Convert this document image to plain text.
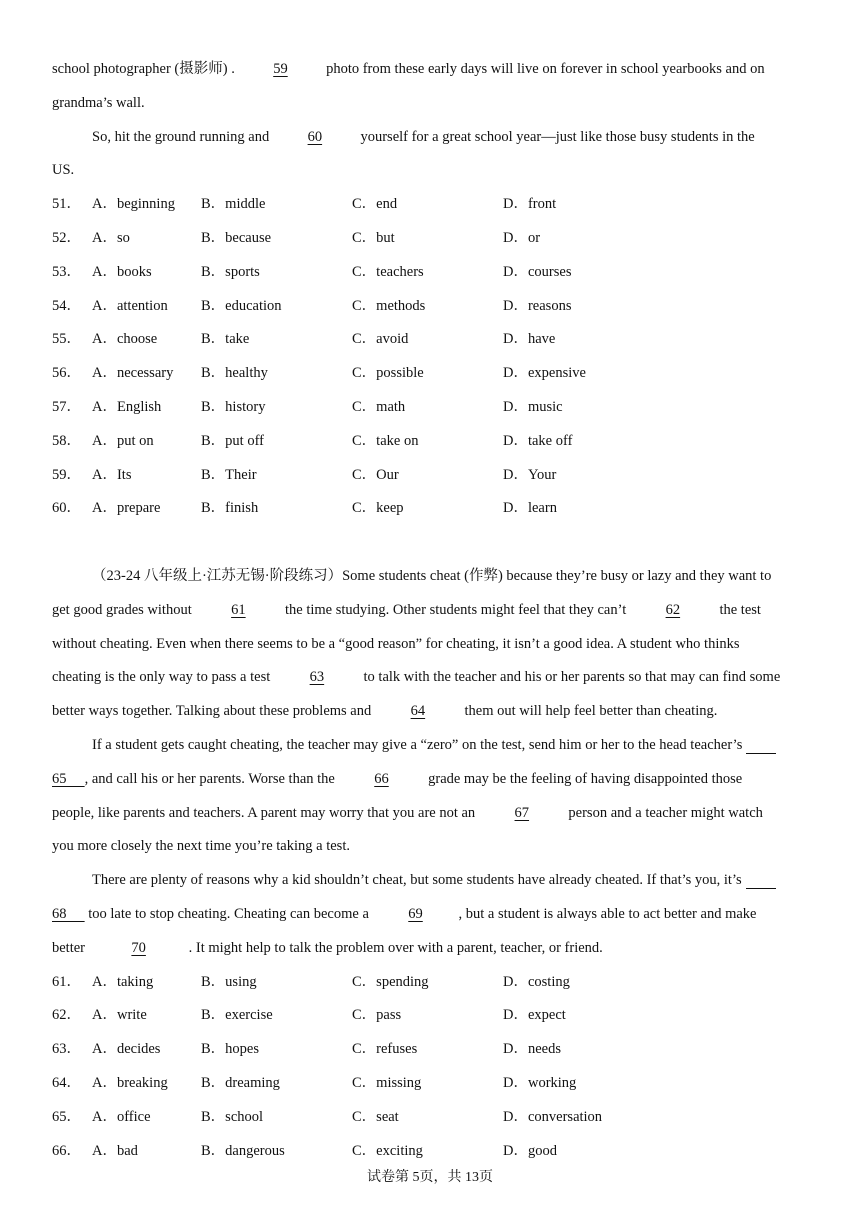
school photographer (摄影师) .	59	photo from these early days will live on forever in school yearbooks and on
grandma’s wall.
So, hit the ground running and	60	yourself for a great school year—just like those busy students in the
US.
51． A．beginning	B．middle	C．end	D．front
52． A．so	B．because	C．but	D．or
53． A．books	B．sports	C．teachers	D．courses
54． A．attention	B．education	C．methods	D．reasons
55． A．choose	B．take	C．avoid	D．have
56． A．necessary	B．healthy	C．possible	D．expensive
57． A．English	B．history	C．math	D．music
58． A．put on	B．put off	C．take on	D．take off
59． A．Its	B．Their	C．Our	D．Your
60． A．prepare	B．finish	C．keep	D．learn
（23-24 八年级上·江苏无锡·阶段练习）Some students cheat (作弊) because they’re busy or lazy and they want to
get good grades without	61	the time studying. Other students might feel that they can’t	62	the test
without cheating. Even when there seems to be a “good reason” for cheating, it isn’t a good idea. A student who thinks
cheating is the only way to pass a test	63	to talk with the teacher and his or her parents so that may can find some
better ways together. Talking about these problems and	64	them out will help feel better than cheating.
If a student gets caught cheating, the teacher may give a “zero” on the test, send him or her to the head teacher’s
65 , and call his or her parents. Worse than the	66	grade may be the feeling of having disappointed those
people, like parents and teachers. A parent may worry that you are not an	67	person and a teacher might watch
you more closely the next time you’re taking a test.
There are plenty of reasons why a kid shouldn’t cheat, but some students have already cheated. If that’s you, it’s
68 too late to stop cheating. Cheating can become a	69 , but a student is always able to act better and make
better	70	. It might help to talk the problem over with a parent, teacher, or friend.
61． A．taking	B．using	C．spending	D．costing
62． A．write	B．exercise	C．pass	D．expect
63． A．decides	B．hopes	C．refuses	D．needs
64． A．breaking	B．dreaming	C．missing	D．working
65． A．office	B．school	C．seat	D．conversation
66． A．bad	B．dangerous	C．exciting	D．good
试卷第 5页，共 13页
